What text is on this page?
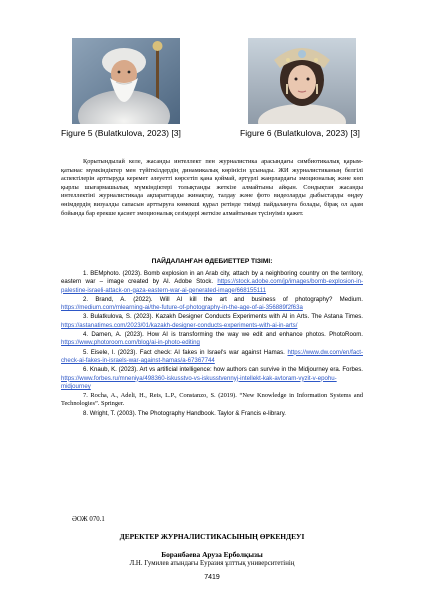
Figure 5 (Bulatkulova, 2023) [3]	Figure 6 (Bulatkulova, 2023) [3]

Қорытындылай келе, жасанды интеллект пен журналистика арасындағы симбиотикалық қарым-қатынас мүмкіндіктер мен түйіткілдердің динамикалық көрінісін ұсынады. ЖИ журналистиканың белгілі аспектілерін арттыруда керемет әлеуетті көрсетіп қана қоймай, әртүрлі жанрлардағы эмоционалық және көп қырлы шығармашылық мүмкіндіктері толықтанды жеткізе алмайтыны айқын. Сондықтан жасанды интеллектіні журналистикада ақпараттарды жинақтау, талдау және фото видеоларды дыбыстарды өңдеу өнімдердің визуалды сапасын арттыруға көмекші құрал ретінде тиімді пайдалануға болады, бірақ ол адам бойында бар ерекше қасиет эмоционалық сезімдері жеткізе алмайтынын түсінуіміз қажет.

ПАЙДАЛАНҒАН ӘДЕБИЕТТЕР ТІЗІМІ:

1. BEMphoto. (2023). Bomb explosion in an Arab city, attach by a neighboring country on the territory, eastern war – image created by AI. Adobe Stock. https://stock.adobe.com/jp/images/bomb-explosion-in-palestine-israeli-attack-on-gaza-eastern-war-ai-generated-image/668155111

2. Brand, A. (2022). Will AI kill the art and business of photography? Medium. https://medium.com/mlearning-ai/the-future-of-photography-in-the-age-of-ai-356889f2f63a

3. Bulatkulova, S. (2023). Kazakh Designer Conducts Experiments with AI in Arts. The Astana Times. https://astanatimes.com/2023/01/kazakh-designer-conducts-experiments-with-ai-in-arts/

4. Damen, A. (2023). How AI is transforming the way we edit and enhance photos. PhotoRoom. https://www.photoroom.com/blog/ai-in-photo-editing

5. Eisele, I. (2023). Fact check: AI fakes in Israel's war against Hamas. https://www.dw.com/en/fact-check-ai-fakes-in-israels-war-against-hamas/a-67367744

6. Knaub, K. (2023). Art vs artificial intelligence: how authors can survive in the Midjourney era. Forbes. https://www.forbes.ru/mneniya/498360-iskusstvo-vs-iskusstvennyj-intellekt-kak-avtoram-vyzit-v-epohu-midjourney

7. Rocha, A., Adeli, H., Reis, L.P., Constanzo, S. (2019). “New Knowledge in Information Systems and Technologies”. Springer.

8. Wright, T. (2003). The Photography Handbook. Taylor & Francis e-library.

ӘОЖ 070.1
ДЕРЕКТЕР ЖУРНАЛИСТИКАСЫНЫҢ ӨРКЕНДЕУІ
Боранбаева Аруза Ерболқызы
Л.Н. Гумилев атындағы Еуразия ұлттық университетінің
7419
